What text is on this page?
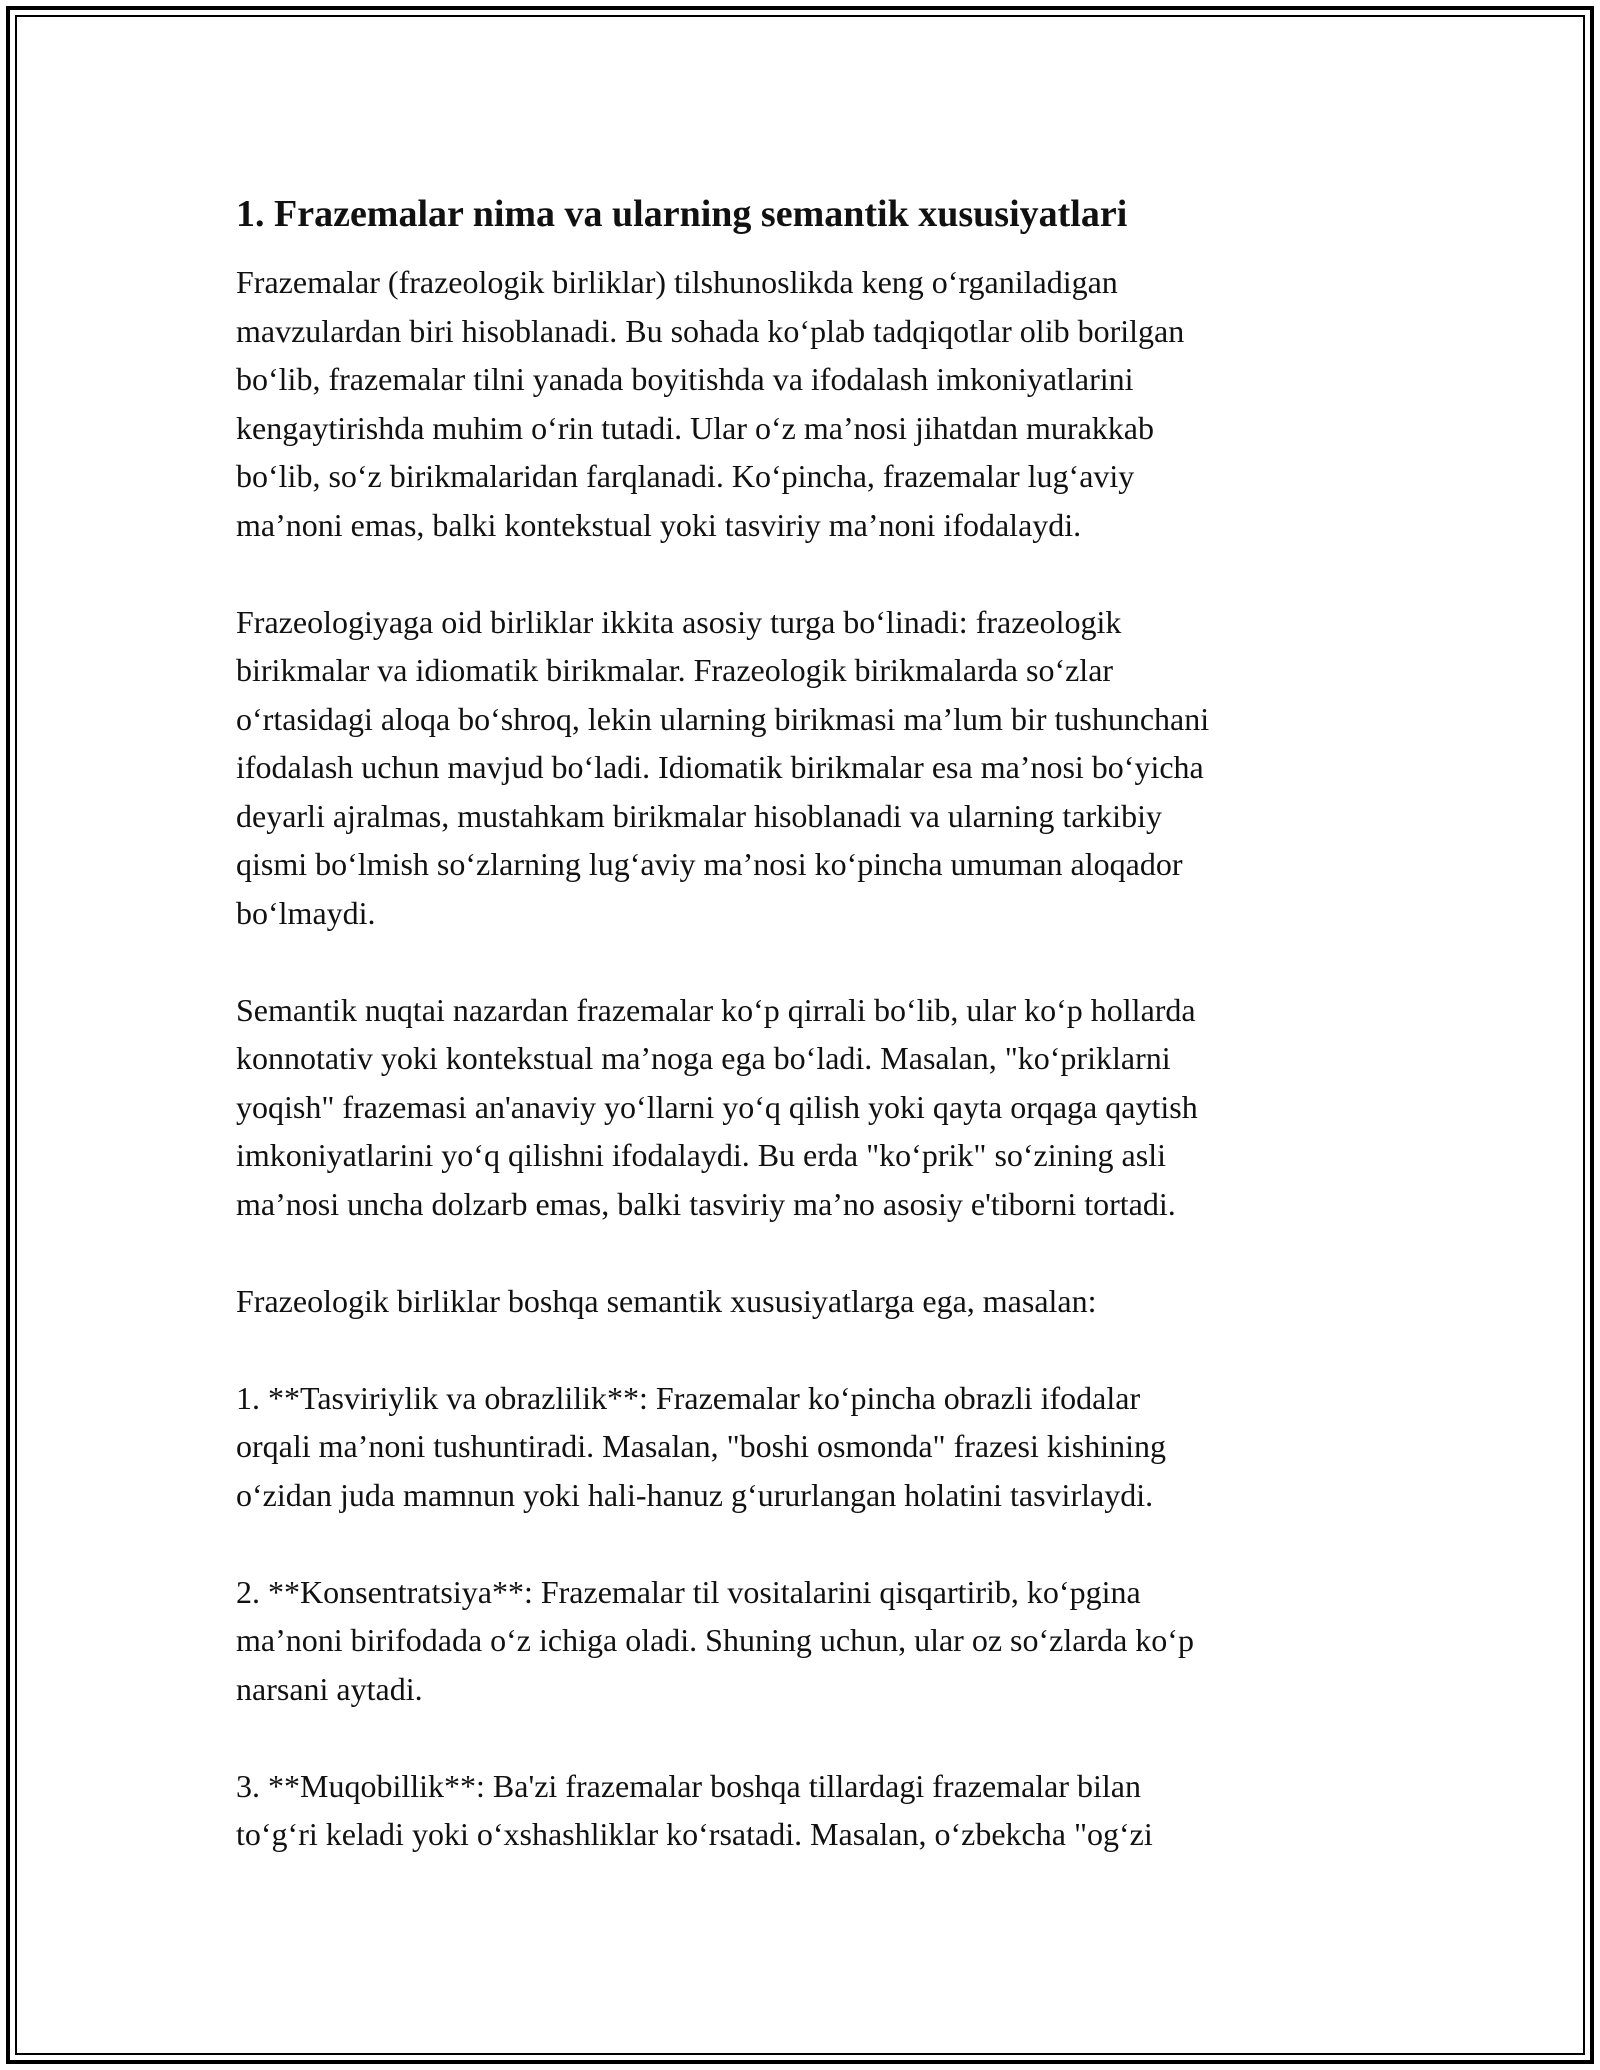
1. Frazemalar nima va ularning semantik xususiyatlari

Frazemalar (frazeologik birliklar) tilshunoslikda keng o‘rganiladigan
mavzulardan biri hisoblanadi. Bu sohada ko‘plab tadqiqotlar olib borilgan
bo‘lib, frazemalar tilni yanada boyitishda va ifodalash imkoniyatlarini
kengaytirishda muhim o‘rin tutadi. Ular o‘z ma’nosi jihatdan murakkab
bo‘lib, so‘z birikmalaridan farqlanadi. Ko‘pincha, frazemalar lug‘aviy
ma’noni emas, balki kontekstual yoki tasviriy ma’noni ifodalaydi.

Frazeologiyaga oid birliklar ikkita asosiy turga bo‘linadi: frazeologik
birikmalar va idiomatik birikmalar. Frazeologik birikmalarda so‘zlar
o‘rtasidagi aloqa bo‘shroq, lekin ularning birikmasi ma’lum bir tushunchani
ifodalash uchun mavjud bo‘ladi. Idiomatik birikmalar esa ma’nosi bo‘yicha
deyarli ajralmas, mustahkam birikmalar hisoblanadi va ularning tarkibiy
qismi bo‘lmish so‘zlarning lug‘aviy ma’nosi ko‘pincha umuman aloqador
bo‘lmaydi.

Semantik nuqtai nazardan frazemalar ko‘p qirrali bo‘lib, ular ko‘p hollarda
konnotativ yoki kontekstual ma’noga ega bo‘ladi. Masalan, "ko‘priklarni
yoqish" frazemasi an'anaviy yo‘llarni yo‘q qilish yoki qayta orqaga qaytish
imkoniyatlarini yo‘q qilishni ifodalaydi. Bu erda "ko‘prik" so‘zining asli
ma’nosi uncha dolzarb emas, balki tasviriy ma’no asosiy e'tiborni tortadi.

Frazeologik birliklar boshqa semantik xususiyatlarga ega, masalan:

1. **Tasviriylik va obrazlilik**: Frazemalar ko‘pincha obrazli ifodalar
orqali ma’noni tushuntiradi. Masalan, "boshi osmonda" frazesi kishining
o‘zidan juda mamnun yoki hali-hanuz g‘ururlangan holatini tasvirlaydi.

2. **Konsentratsiya**: Frazemalar til vositalarini qisqartirib, ko‘pgina
ma’noni birifodada o‘z ichiga oladi. Shuning uchun, ular oz so‘zlarda ko‘p
narsani aytadi.

3. **Muqobillik**: Ba'zi frazemalar boshqa tillardagi frazemalar bilan
to‘g‘ri keladi yoki o‘xshashliklar ko‘rsatadi. Masalan, o‘zbekcha "og‘zi
